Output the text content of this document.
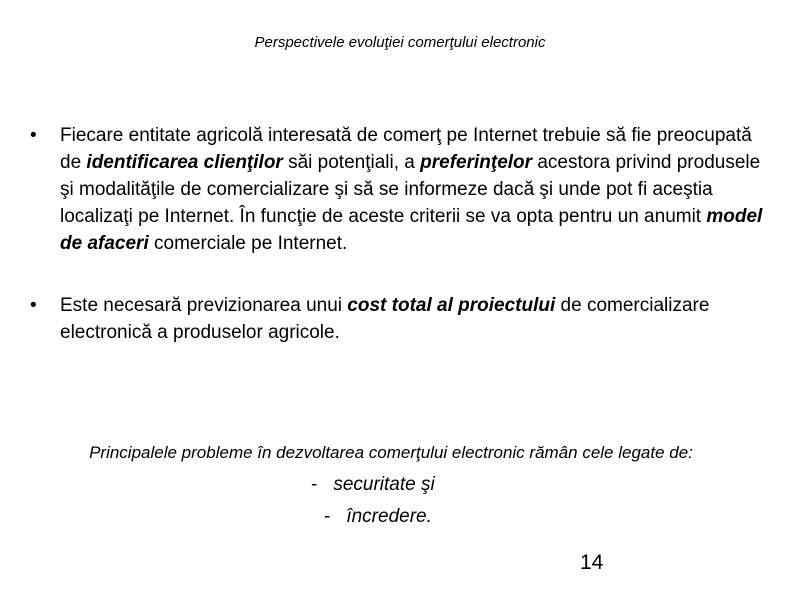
Perspectivele evoluţiei comerţului electronic
• Fiecare entitate agricolă interesată de comerţ pe Internet trebuie să fie preocupată de identificarea clienţilor săi potenţiali, a preferinţelor acestora privind produsele şi modalităţile de comercializare şi să se informeze dacă şi unde pot fi aceştia localizaţi pe Internet. În funcţie de aceste criterii se va opta pentru un anumit model de afaceri comerciale pe Internet.
• Este necesară previzionarea unui cost total al proiectului de comercializare electronică a produselor agricole.

Principalele probleme în dezvoltarea comerţului electronic rămân cele legate de:

- securitate şi
- încredere.
14
